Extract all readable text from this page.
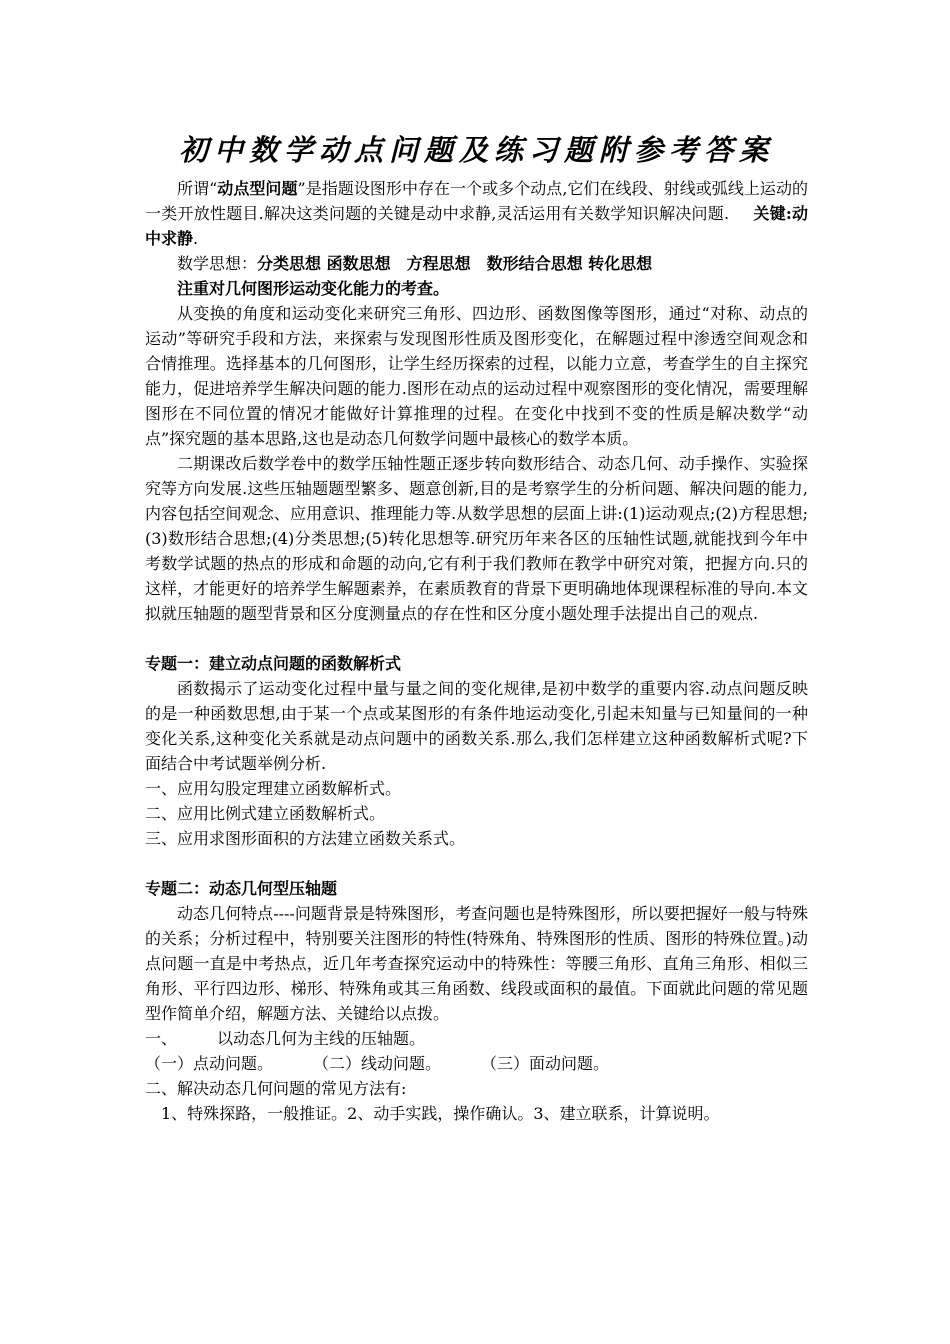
初中数学动点问题及练习题附参考答案

所谓“动点型问题”是指题设图形中存在一个或多个动点,它们在线段、射线或弧线上运动的一类开放性题目.解决这类问题的关键是动中求静,灵活运用有关数学知识解决问题.   关键:动中求静.

数学思想：分类思想 函数思想　方程思想　数形结合思想 转化思想

注重对几何图形运动变化能力的考查。

从变换的角度和运动变化来研究三角形、四边形、函数图像等图形，通过“对称、动点的运动”等研究手段和方法，来探索与发现图形性质及图形变化，在解题过程中渗透空间观念和合情推理。选择基本的几何图形，让学生经历探索的过程，以能力立意，考查学生的自主探究能力，促进培养学生解决问题的能力.图形在动点的运动过程中观察图形的变化情况，需要理解图形在不同位置的情况才能做好计算推理的过程。在变化中找到不变的性质是解决数学“动点”探究题的基本思路,这也是动态几何数学问题中最核心的数学本质。

二期课改后数学卷中的数学压轴性题正逐步转向数形结合、动态几何、动手操作、实验探究等方向发展.这些压轴题题型繁多、题意创新,目的是考察学生的分析问题、解决问题的能力,内容包括空间观念、应用意识、推理能力等.从数学思想的层面上讲:(1)运动观点;(2)方程思想;(3)数形结合思想;(4)分类思想;(5)转化思想等.研究历年来各区的压轴性试题,就能找到今年中考数学试题的热点的形成和命题的动向,它有利于我们教师在教学中研究对策，把握方向.只的这样，才能更好的培养学生解题素养，在素质教育的背景下更明确地体现课程标准的导向.本文拟就压轴题的题型背景和区分度测量点的存在性和区分度小题处理手法提出自己的观点.

专题一：建立动点问题的函数解析式

函数揭示了运动变化过程中量与量之间的变化规律,是初中数学的重要内容.动点问题反映的是一种函数思想,由于某一个点或某图形的有条件地运动变化,引起未知量与已知量间的一种变化关系,这种变化关系就是动点问题中的函数关系.那么,我们怎样建立这种函数解析式呢?下面结合中考试题举例分析.

一、应用勾股定理建立函数解析式。

二、应用比例式建立函数解析式。

三、应用求图形面积的方法建立函数关系式。

专题二：动态几何型压轴题

动态几何特点----问题背景是特殊图形，考查问题也是特殊图形，所以要把握好一般与特殊的关系；分析过程中，特别要关注图形的特性(特殊角、特殊图形的性质、图形的特殊位置。)动点问题一直是中考热点，近几年考查探究运动中的特殊性：等腰三角形、直角三角形、相似三角形、平行四边形、梯形、特殊角或其三角函数、线段或面积的最值。下面就此问题的常见题型作简单介绍，解题方法、关键给以点拨。

一、	以动态几何为主线的压轴题。

（一）点动问题。	（二）线动问题。	（三）面动问题。

二、解决动态几何问题的常见方法有:

1、特殊探路，一般推证。2、动手实践，操作确认。3、建立联系，计算说明。
